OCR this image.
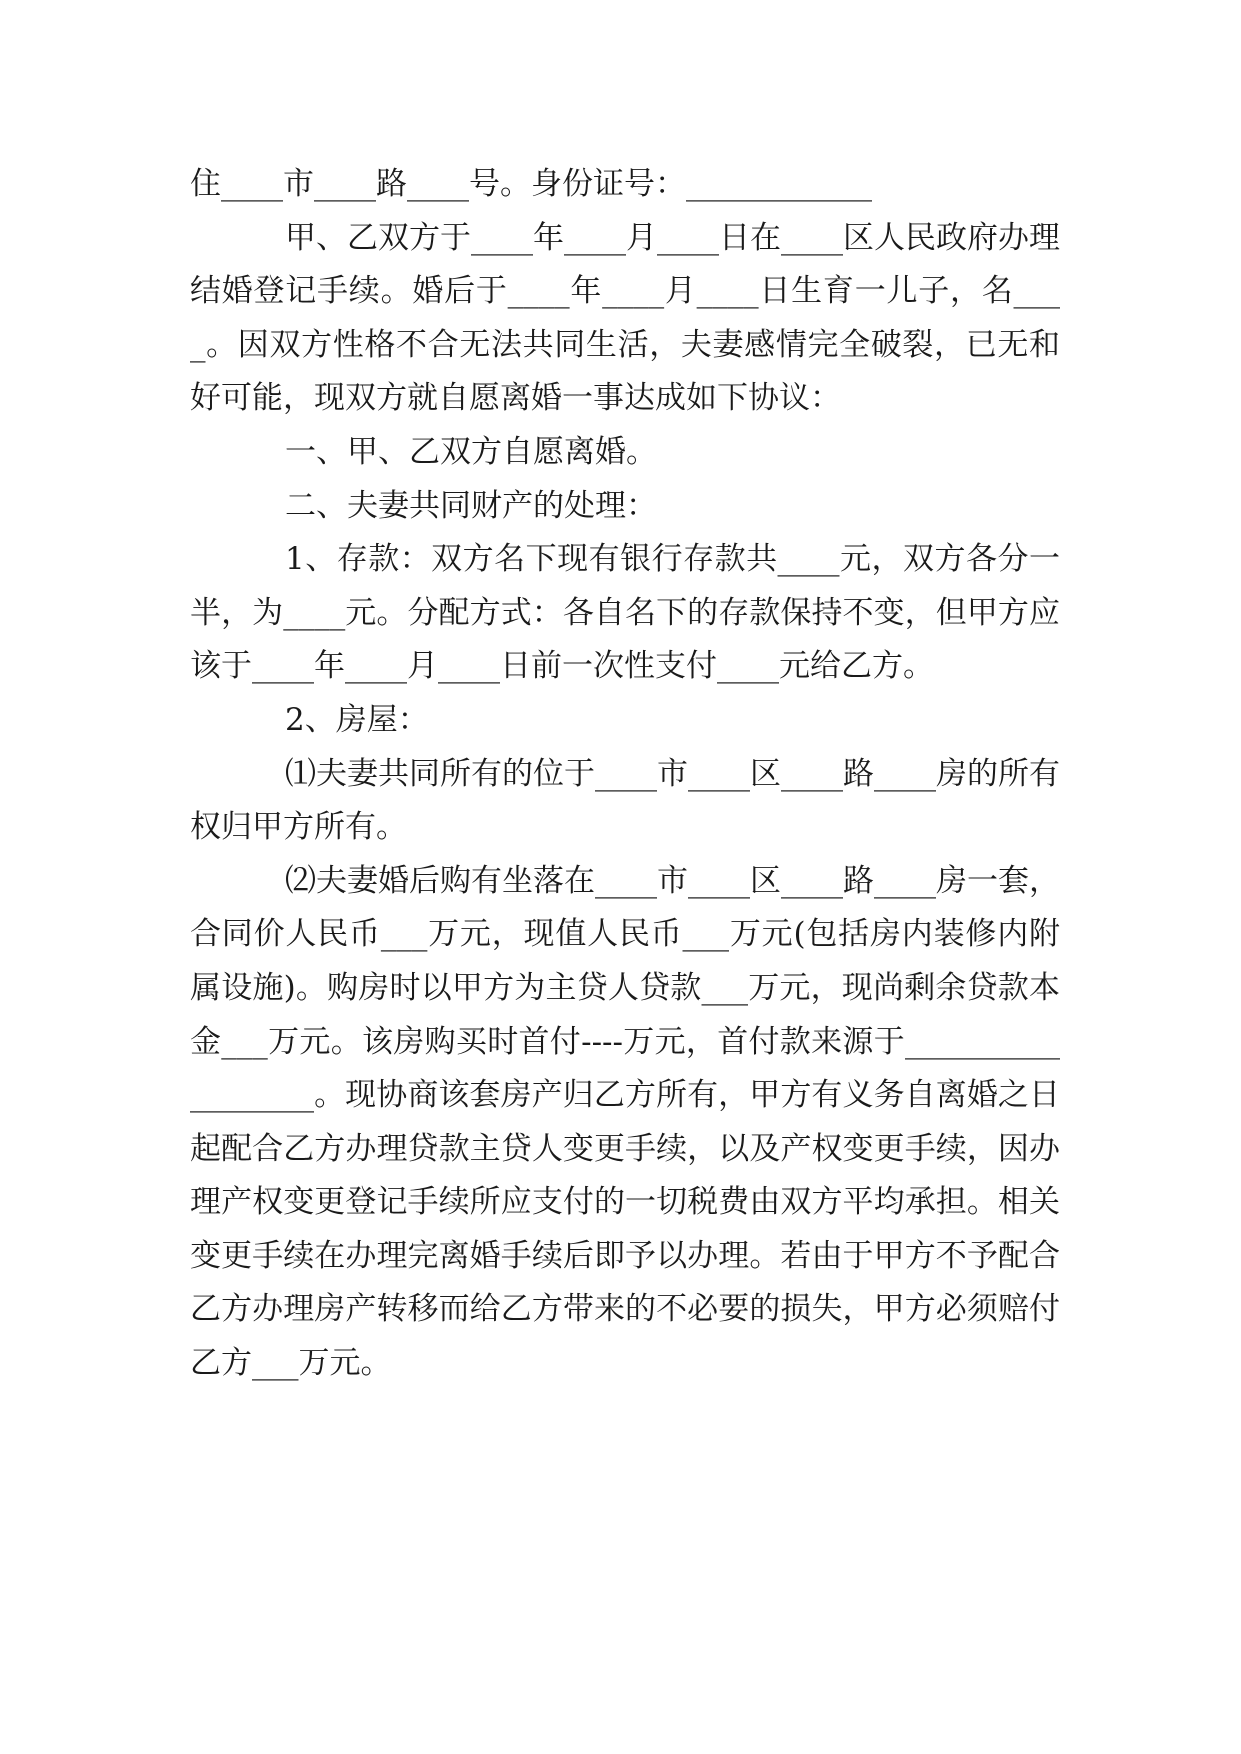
住____市____路____号。身份证号：____________

甲、乙双方于____年____月____日在____区人民政府办理结婚登记手续。婚后于____年____月____日生育一儿子，名____。因双方性格不合无法共同生活，夫妻感情完全破裂，已无和好可能，现双方就自愿离婚一事达成如下协议：

一、甲、乙双方自愿离婚。

二、夫妻共同财产的处理：

1、存款：双方名下现有银行存款共____元，双方各分一半，为____元。分配方式：各自名下的存款保持不变，但甲方应该于____年____月____日前一次性支付____元给乙方。

2、房屋：

⑴夫妻共同所有的位于____市____区____路____房的所有权归甲方所有。

⑵夫妻婚后购有坐落在____市____区____路____房一套，合同价人民币___万元，现值人民币___万元(包括房内装修内附属设施)。购房时以甲方为主贷人贷款___万元，现尚剩余贷款本金___万元。该房购买时首付----万元，首付款来源于__________________。现协商该套房产归乙方所有，甲方有义务自离婚之日起配合乙方办理贷款主贷人变更手续，以及产权变更手续，因办理产权变更登记手续所应支付的一切税费由双方平均承担。相关变更手续在办理完离婚手续后即予以办理。若由于甲方不予配合乙方办理房产转移而给乙方带来的不必要的损失，甲方必须赔付乙方___万元。
